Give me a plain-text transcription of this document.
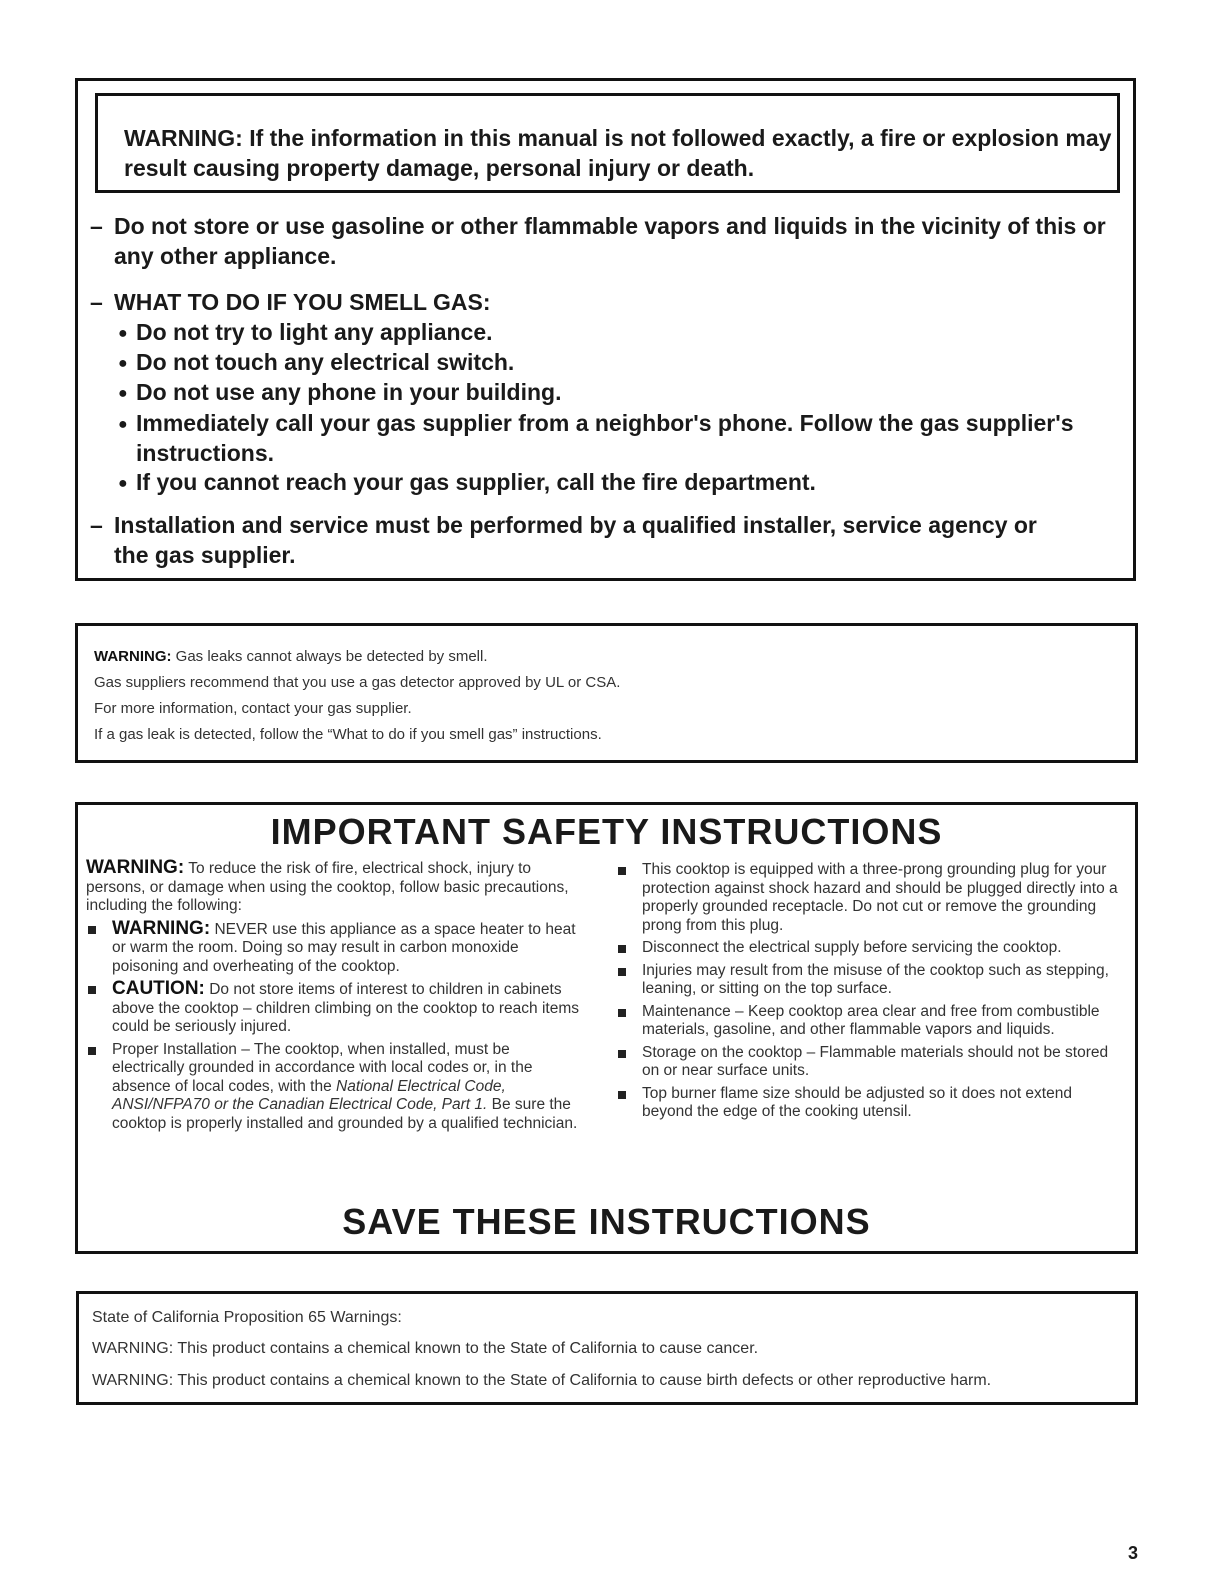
WARNING: If the information in this manual is not followed exactly, a fire or explosion may result causing property damage, personal injury or death.

– Do not store or use gasoline or other flammable vapors and liquids in the vicinity of this or any other appliance.
– WHAT TO DO IF YOU SMELL GAS:
● Do not try to light any appliance.
● Do not touch any electrical switch.
● Do not use any phone in your building.
● Immediately call your gas supplier from a neighbor's phone. Follow the gas supplier's instructions.
● If you cannot reach your gas supplier, call the fire department.
– Installation and service must be performed by a qualified installer, service agency or the gas supplier.
WARNING: Gas leaks cannot always be detected by smell.
Gas suppliers recommend that you use a gas detector approved by UL or CSA.
For more information, contact your gas supplier.
If a gas leak is detected, follow the “What to do if you smell gas” instructions.
IMPORTANT SAFETY INSTRUCTIONS

WARNING: To reduce the risk of fire, electrical shock, injury to persons, or damage when using the cooktop, follow basic precautions, including the following:

WARNING: NEVER use this appliance as a space heater to heat or warm the room. Doing so may result in carbon monoxide poisoning and overheating of the cooktop.
CAUTION: Do not store items of interest to children in cabinets above the cooktop – children climbing on the cooktop to reach items could be seriously injured.
Proper Installation – The cooktop, when installed, must be electrically grounded in accordance with local codes or, in the absence of local codes, with the National Electrical Code, ANSI/NFPA70 or the Canadian Electrical Code, Part 1. Be sure the cooktop is properly installed and grounded by a qualified technician.
This cooktop is equipped with a three-prong grounding plug for your protection against shock hazard and should be plugged directly into a properly grounded receptacle. Do not cut or remove the grounding prong from this plug.
Disconnect the electrical supply before servicing the cooktop.
Injuries may result from the misuse of the cooktop such as stepping, leaning, or sitting on the top surface.
Maintenance – Keep cooktop area clear and free from combustible materials, gasoline, and other flammable vapors and liquids.
Storage on the cooktop – Flammable materials should not be stored on or near surface units.
Top burner flame size should be adjusted so it does not extend beyond the edge of the cooking utensil.
SAVE THESE INSTRUCTIONS
State of California Proposition 65 Warnings:
WARNING: This product contains a chemical known to the State of California to cause cancer.
WARNING: This product contains a chemical known to the State of California to cause birth defects or other reproductive harm.
3
